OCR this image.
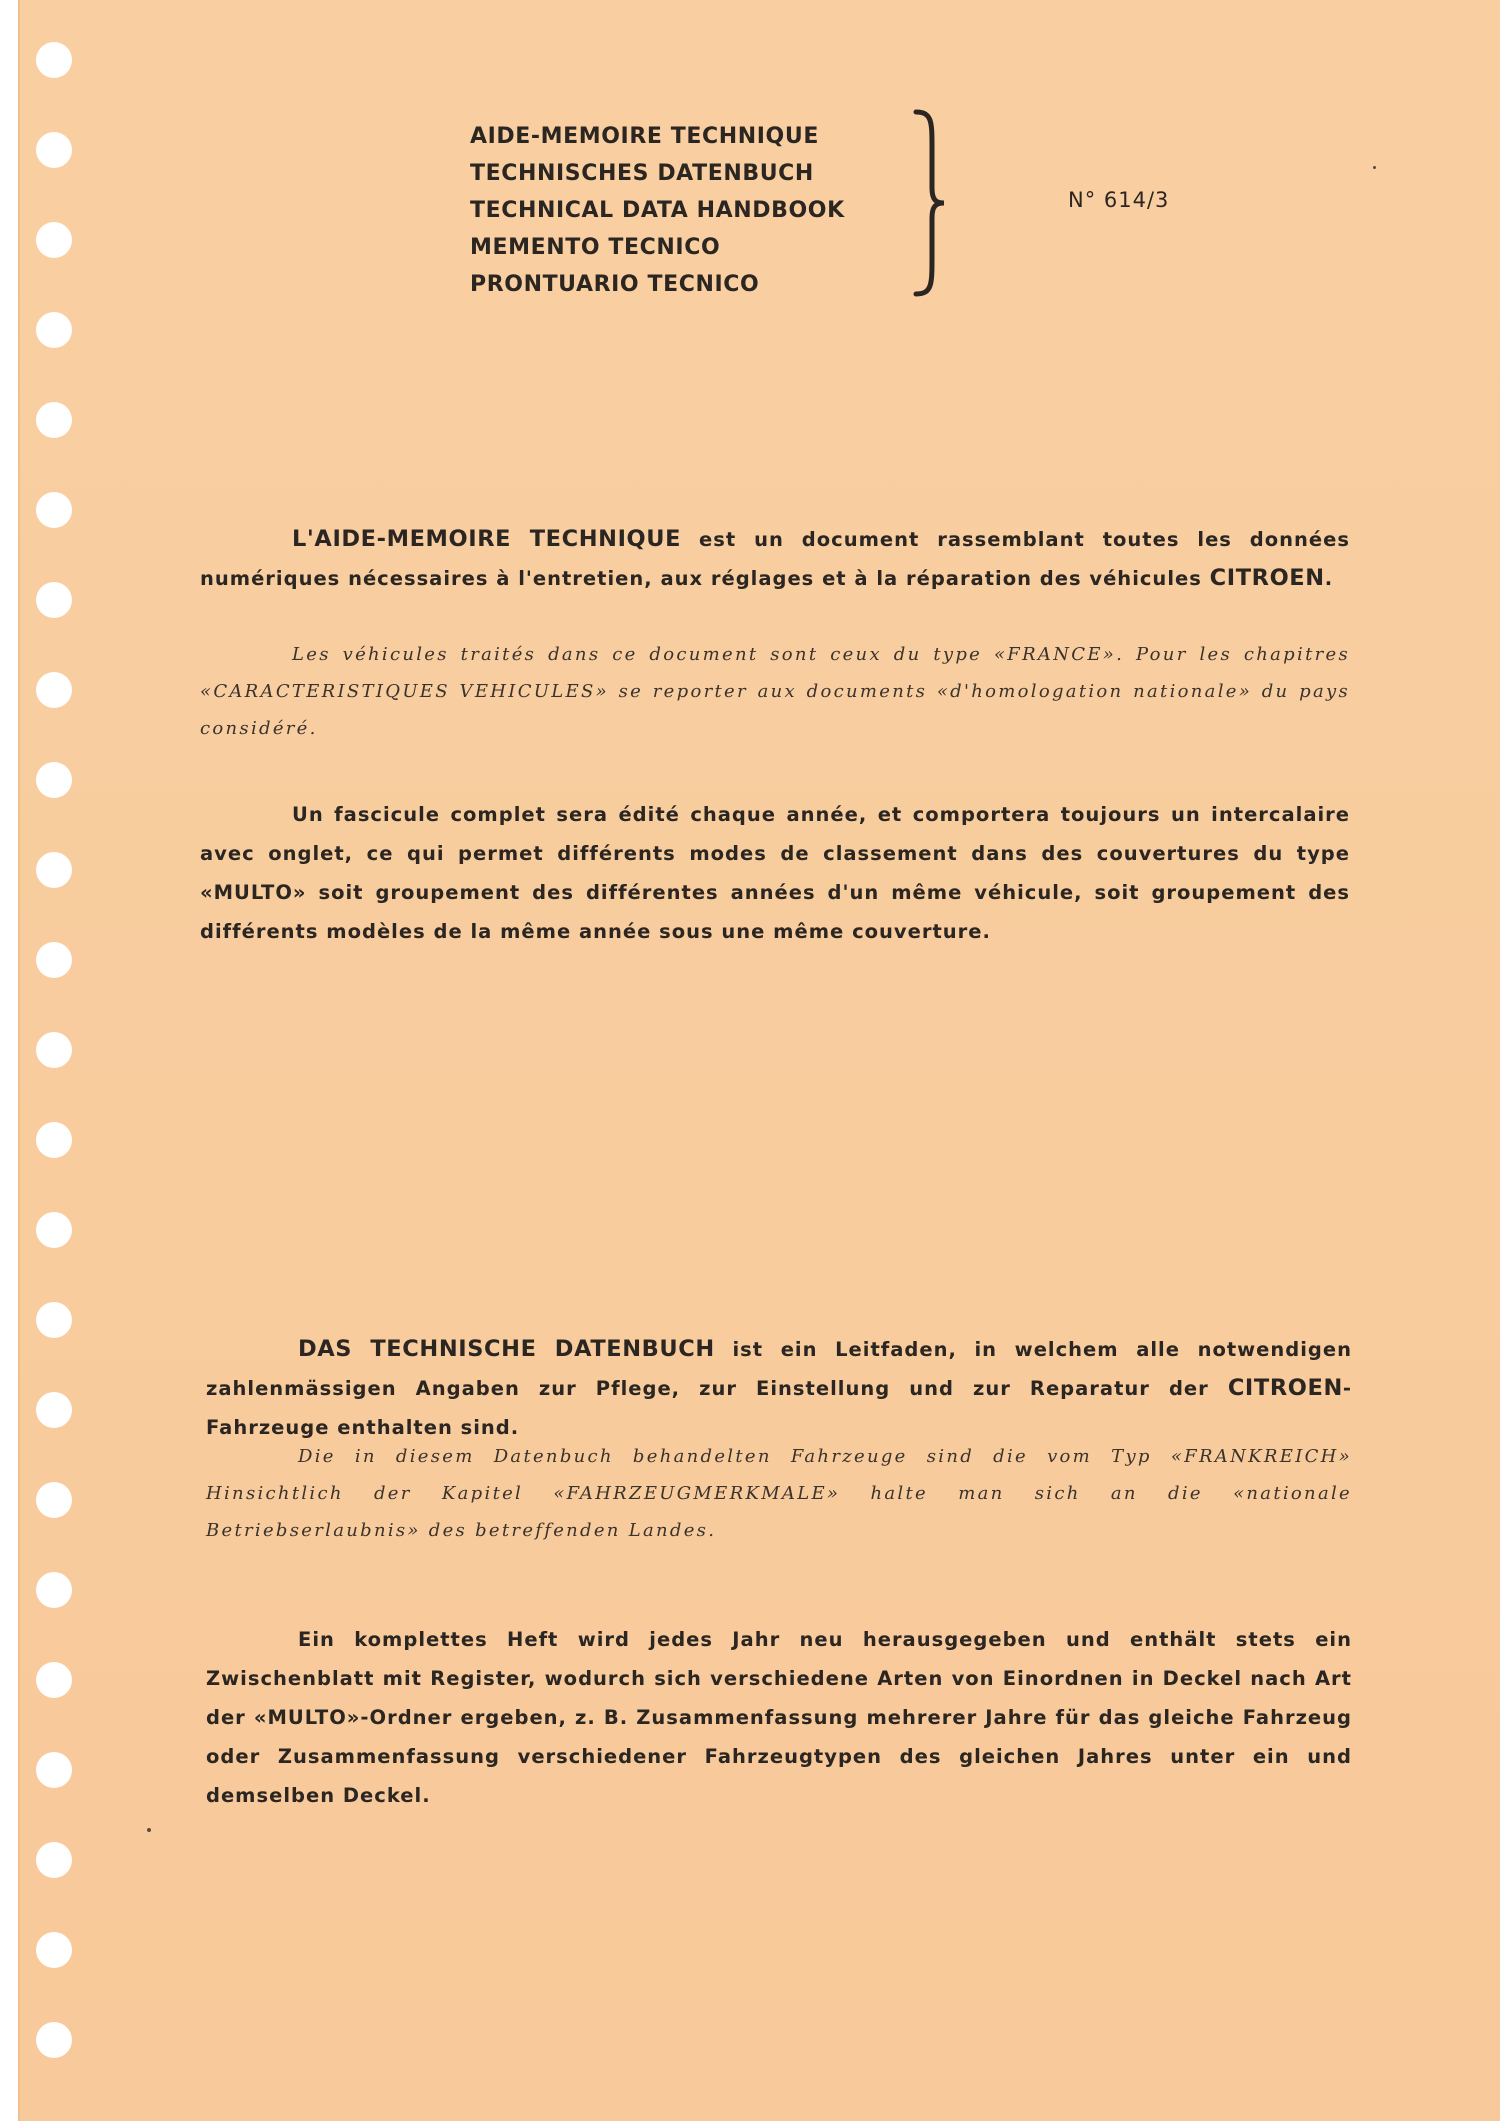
AIDE-MEMOIRE TECHNIQUE
TECHNISCHES DATENBUCH
TECHNICAL DATA HANDBOOK
MEMENTO TECNICO
PRONTUARIO TECNICO
N° 614/3
L'AIDE-MEMOIRE TECHNIQUE est un document rassemblant toutes les données numériques nécessaires à l'entretien, aux réglages et à la réparation des véhicules CITROEN.
Les véhicules traités dans ce document sont ceux du type «FRANCE». Pour les chapitres «CARACTERISTIQUES VEHICULES» se reporter aux documents «d'homologation nationale» du pays considéré.
Un fascicule complet sera édité chaque année, et comportera toujours un intercalaire avec onglet, ce qui permet différents modes de classement dans des couvertures du type «MULTO» soit groupement des différentes années d'un même véhicule, soit groupement des différents modèles de la même année sous une même couverture.
DAS TECHNISCHE DATENBUCH ist ein Leitfaden, in welchem alle notwendigen zahlenmässigen Angaben zur Pflege, zur Einstellung und zur Reparatur der CITROEN-Fahrzeuge enthalten sind.
Die in diesem Datenbuch behandelten Fahrzeuge sind die vom Typ «FRANKREICH» Hinsichtlich der Kapitel «FAHRZEUGMERKMALE» halte man sich an die «nationale Betriebserlaubnis» des betreffenden Landes.
Ein komplettes Heft wird jedes Jahr neu herausgegeben und enthält stets ein Zwischenblatt mit Register, wodurch sich verschiedene Arten von Einordnen in Deckel nach Art der «MULTO»-Ordner ergeben, z. B. Zusammenfassung mehrerer Jahre für das gleiche Fahrzeug oder Zusammenfassung verschiedener Fahrzeugtypen des gleichen Jahres unter ein und demselben Deckel.
